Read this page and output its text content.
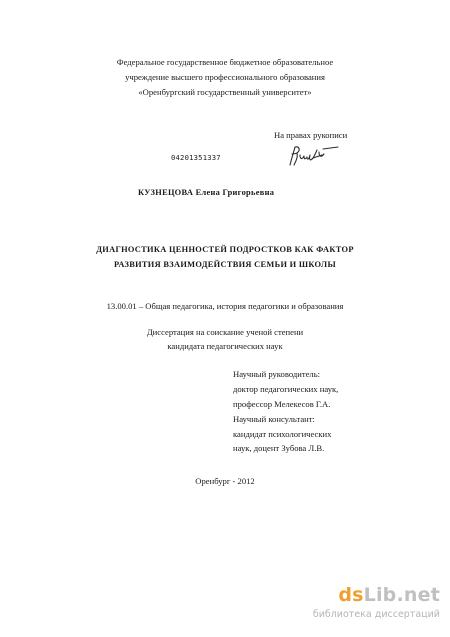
Федеральное государственное бюджетное образовательное
учреждение высшего профессионального образования
«Оренбургский государственный университет»
На правах рукописи
04201351337
КУЗНЕЦОВА Елена Григорьевна
ДИАГНОСТИКА ЦЕННОСТЕЙ ПОДРОСТКОВ КАК ФАКТОР
РАЗВИТИЯ ВЗАИМОДЕЙСТВИЯ СЕМЬИ И ШКОЛЫ
13.00.01 – Общая педагогика, история педагогики и образования
Диссертация на соискание ученой степени
кандидата педагогических наук
Научный руководитель:
доктор педагогических наук,
профессор Мелекесов Г.А.
Научный консультант:
кандидат психологических
наук, доцент Зубова Л.В.
Оренбург - 2012
dsLib.net
библиотека диссертаций
